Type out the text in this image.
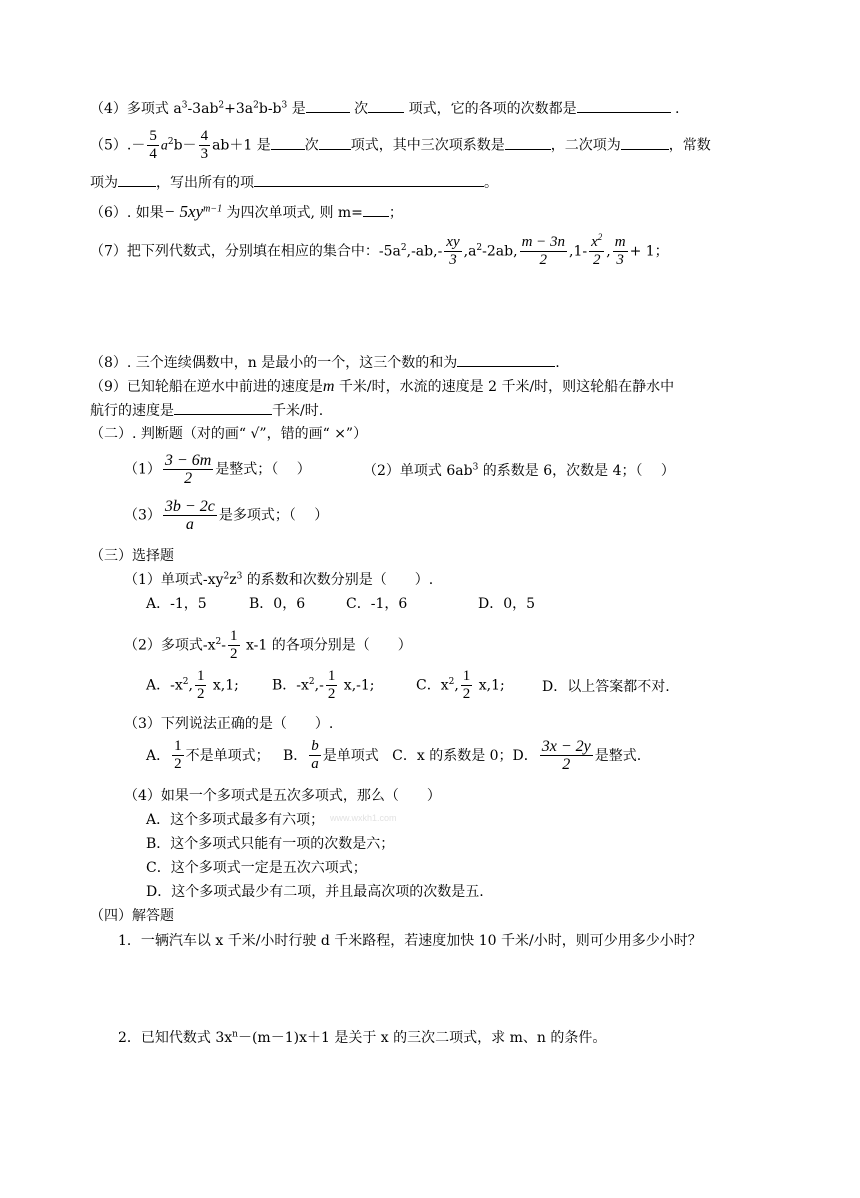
（4）多项式 $a^3-3ab^2+3a^2b-b^3$ 是	次	项式，它的各项的次数都是	.
$(5).- \frac{5}{4} a^2b- \frac{4}{3} ab+1$ 是 次 项式，其中三次项系数是	，二次项为	，常数
项为	，写出所有的项	。
（6）. 如果− $5xy^{m-1}$ 为四次单项式, 则 m= ；
（7）把下列代数式，分别填在相应的集合中：$-5a^2,-ab,- \frac{xy}{3} ,a^2-2ab$, $\frac{m - 3n}{2} ,1- \frac{x^2}{2}$ , $\frac{m}{3} + 1$；
（8）. 三个连续偶数中，n 是最小的一个，这三个数的和为	.
（9）已知轮船在逆水中前进的速度是m 千米/时，水流的速度是 2 千米/时，则这轮船在静水中
航行的速度是	千米/时.
（二）. 判断题（对的画“ √”，错的画“ ×”）
$(1) \frac{3 - 6m}{2}$ 是整式；（　 ）	（2）单项式 $6ab^3$ 的系数是 6，次数是 4；（　 ）
$(3) \frac{3b - 2c}{a}$ 是多项式；（　 ）
（三）选择题
（1）单项式$-xy^2z^3$ 的系数和次数分别是（　　）.
A．-1，5	B．0，6	C．-1，6	D．0，5
（2）多项式$-x^2- \frac{1}{2} x-1$ 的各项分别是（　　）
A．$-x^2$, $\frac{1}{2} x,1$; B．$-x^2,- \frac{1}{2} x,-1$;	C．$x^2$, $\frac{1}{2} x,1$;	D．以上答案都不对.
（3）下列说法正确的是（　　）.
A． $\frac{1}{2}$ 不是单项式； B． $\frac{b}{a}$ 是单项式 C．x 的系数是 0；D． $\frac{3x - 2y}{2}$ 是整式.
（4）如果一个多项式是五次多项式，那么（　　）
A．这个多项式最多有六项；
B．这个多项式只能有一项的次数是六；
C．这个多项式一定是五次六项式；
D．这个多项式最少有二项，并且最高次项的次数是五.
www.wxkh1.com
（四）解答题
1．一辆汽车以 x 千米/小时行驶 d 千米路程，若速度加快 10 千米/小时，则可少用多少小时？
2．已知代数式 $3x^n-(m-1)x+1$ 是关于 x 的三次二项式，求 m、n 的条件。
